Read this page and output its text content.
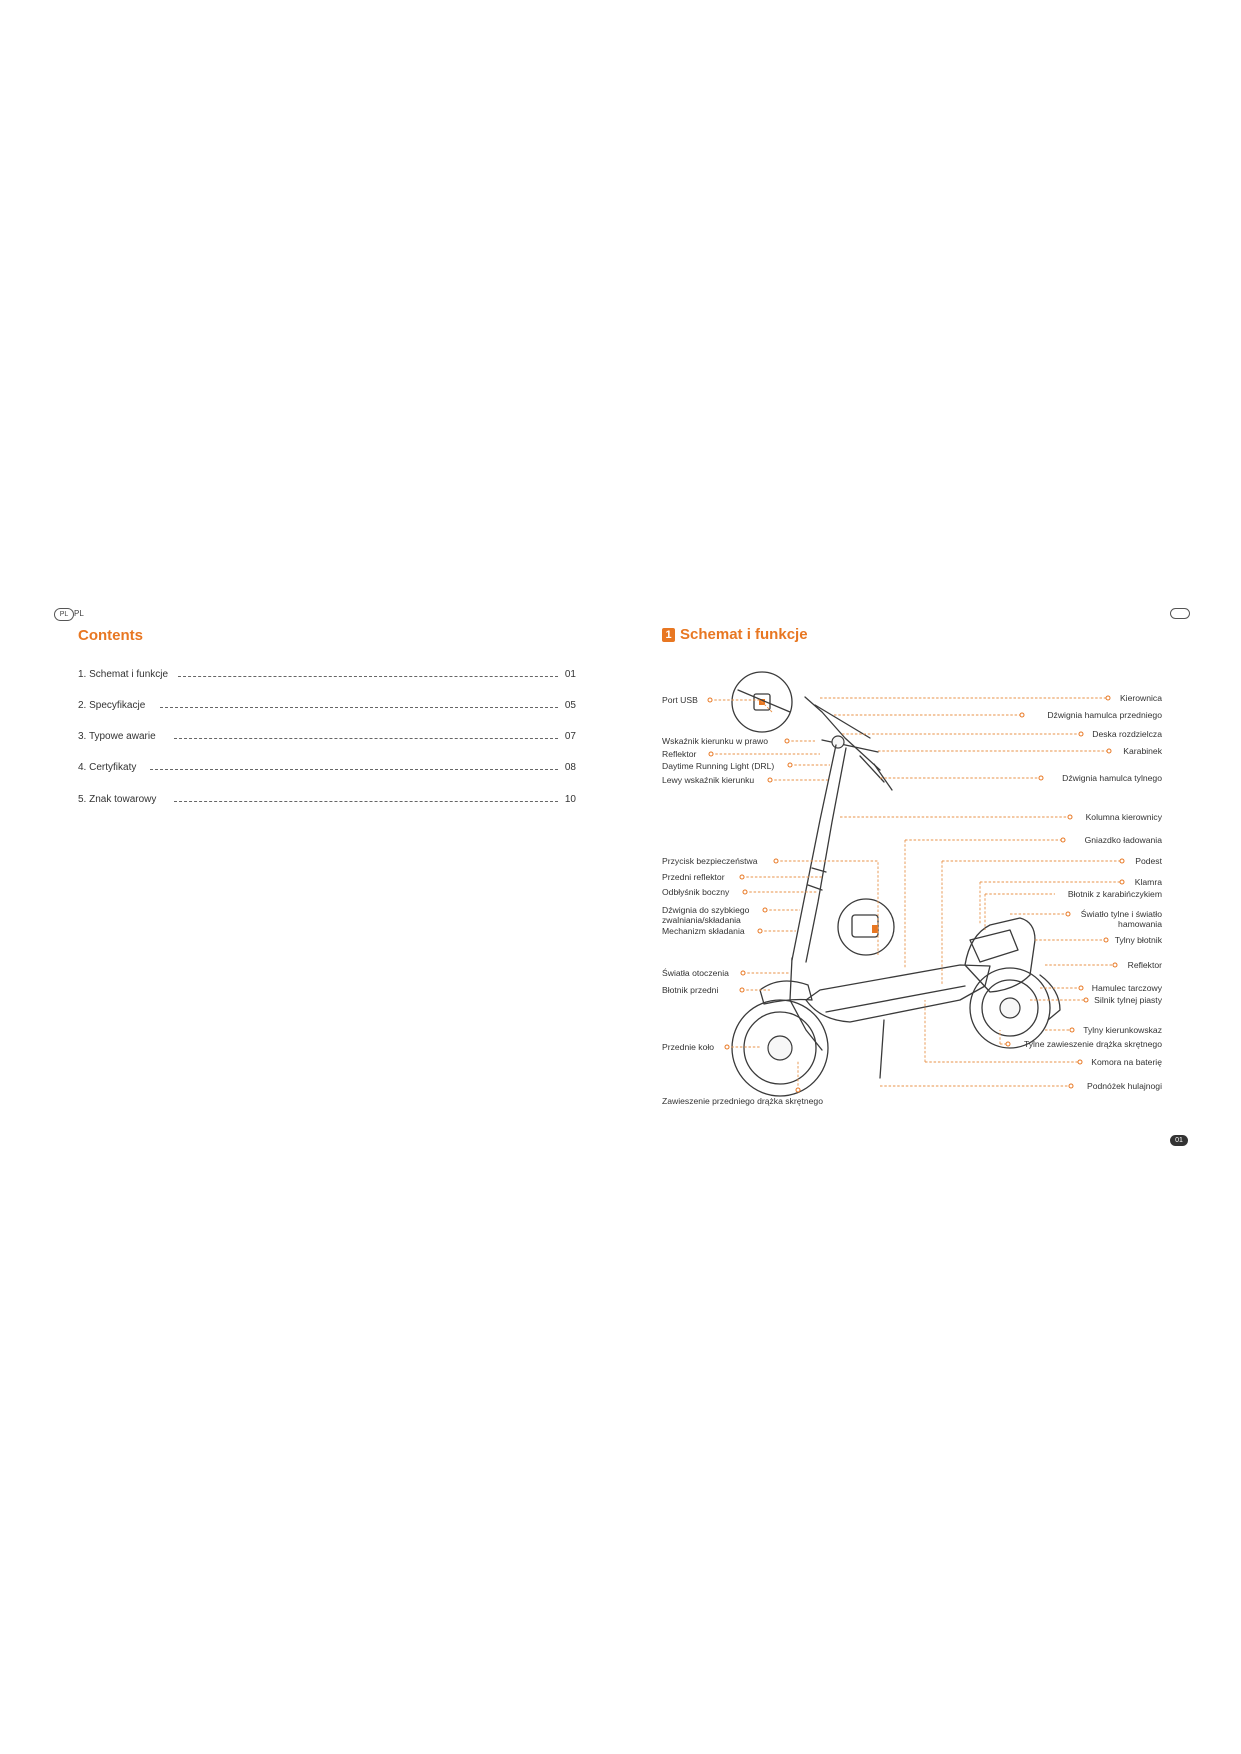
PL PL
Contents
1. Schemat i funkcje	01
2. Specyfikacje	05
3. Typowe awarie	07
4. Certyfikaty	08
5. Znak towarowy	10
1 Schemat i funkcje
Port USB
Wskaźnik kierunku w prawo
Reflektor
Daytime Running Light (DRL)
Lewy wskaźnik kierunku
Przycisk bezpieczeństwa
Przedni reflektor
Odbłyśnik boczny
Dźwignia do szybkiego
zwalniania/składania
Mechanizm składania
Światła otoczenia
Błotnik przedni
Przednie koło
Zawieszenie przedniego drążka skrętnego
Kierownica
Dźwignia hamulca przedniego
Deska rozdzielcza
Karabinek
Dźwignia hamulca tylnego
Kolumna kierownicy
Gniazdko ładowania
Podest
Klamra
Błotnik z karabińczykiem
Światło tylne i światło
hamowania
Tylny błotnik
Reflektor
Hamulec tarczowy
Silnik tylnej piasty
Tylny kierunkowskaz
Tylne zawieszenie drążka skrętnego
Komora na baterię
Podnóżek hulajnogi
01
